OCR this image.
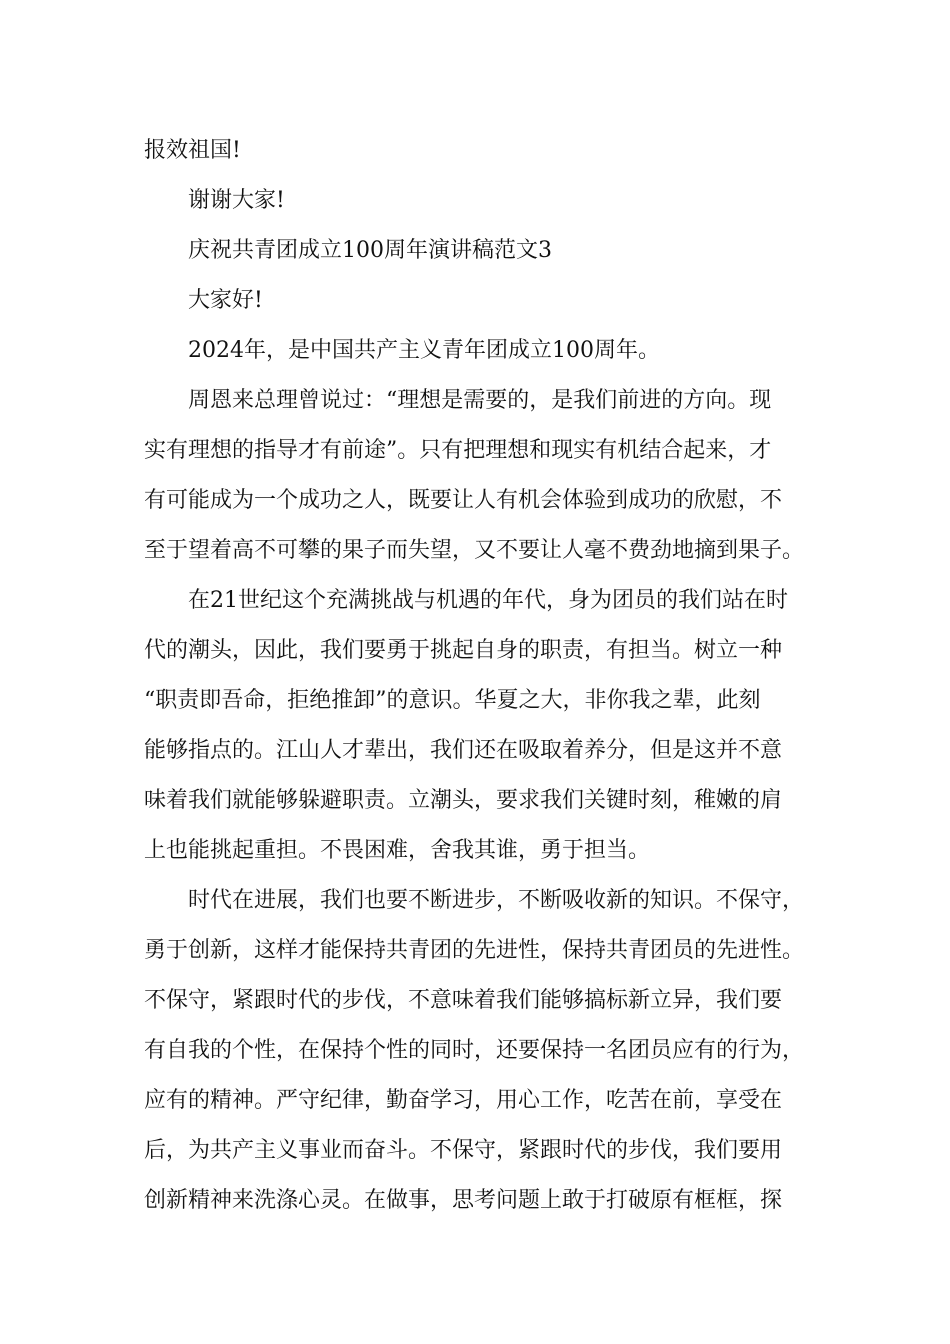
报效祖国!
谢谢大家!
庆祝共青团成立100周年演讲稿范文3
大家好!
2024年，是中国共产主义青年团成立100周年。
周恩来总理曾说过：“理想是需要的，是我们前进的方向。现
实有理想的指导才有前途”。只有把理想和现实有机结合起来，才
有可能成为一个成功之人，既要让人有机会体验到成功的欣慰，不
至于望着高不可攀的果子而失望，又不要让人毫不费劲地摘到果子。
在21世纪这个充满挑战与机遇的年代，身为团员的我们站在时
代的潮头，因此，我们要勇于挑起自身的职责，有担当。树立一种
“职责即吾命，拒绝推卸”的意识。华夏之大，非你我之辈，此刻
能够指点的。江山人才辈出，我们还在吸取着养分，但是这并不意
味着我们就能够躲避职责。立潮头，要求我们关键时刻，稚嫩的肩
上也能挑起重担。不畏困难，舍我其谁，勇于担当。
时代在进展，我们也要不断进步，不断吸收新的知识。不保守，
勇于创新，这样才能保持共青团的先进性，保持共青团员的先进性。
不保守，紧跟时代的步伐，不意味着我们能够搞标新立异，我们要
有自我的个性，在保持个性的同时，还要保持一名团员应有的行为，
应有的精神。严守纪律，勤奋学习，用心工作，吃苦在前，享受在
后，为共产主义事业而奋斗。不保守，紧跟时代的步伐，我们要用
创新精神来洗涤心灵。在做事，思考问题上敢于打破原有框框，探
